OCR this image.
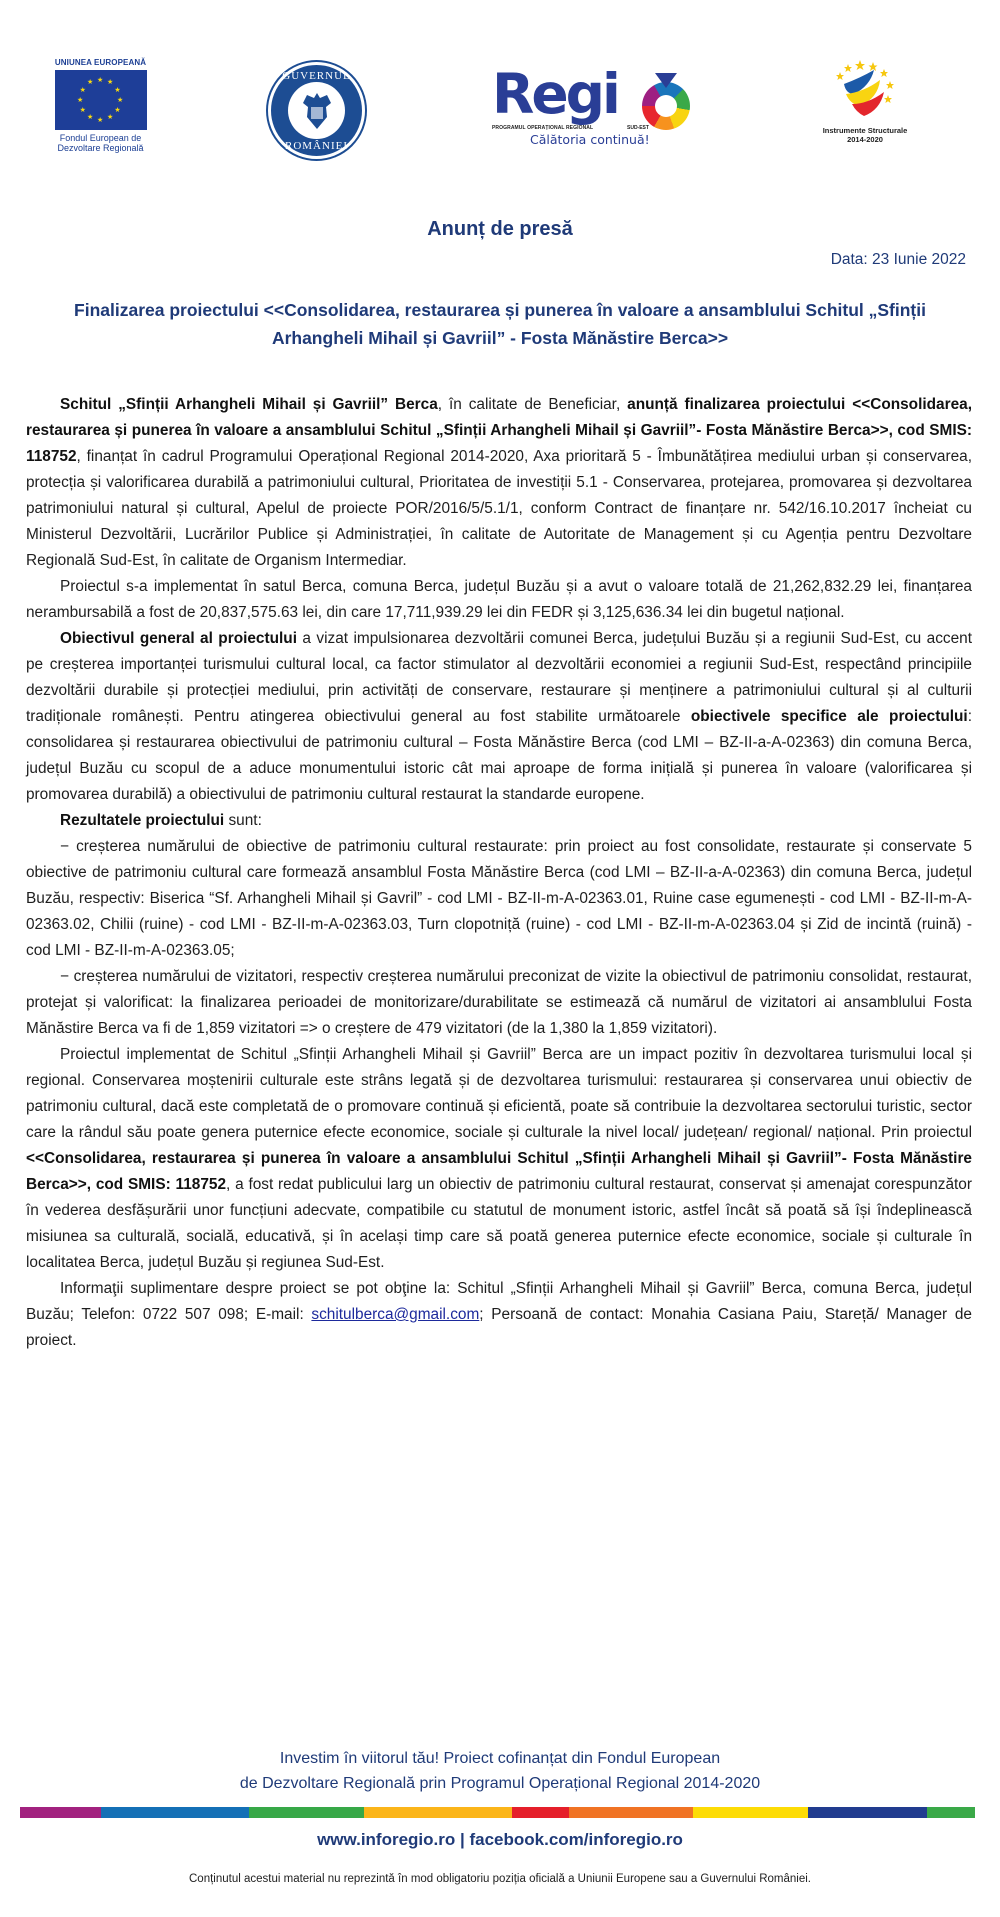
UNIUNEA EUROPEANĂ
★
★
★
★
★
★
★
★
★ ★ ★
★
Fondul European de
Dezvoltare Regională
GUVERNUL
ROMÂNIEI
Regi
PROGRAMUL OPERAȚIONAL REGIONAL	SUD-EST
Călătoria continuă!
Instrumente Structurale
2014-2020
Anunț de presă
Data: 23 Iunie 2022
Finalizarea proiectului <<Consolidarea, restaurarea și punerea în valoare a ansamblului Schitul „Sfinții Arhangheli Mihail și Gavriil” - Fosta Mănăstire Berca>>

Schitul „Sfinții Arhangheli Mihail și Gavriil” Berca, în calitate de Beneficiar, anunță finalizarea proiectului <<Consolidarea, restaurarea și punerea în valoare a ansamblului Schitul „Sfinții Arhangheli Mihail și Gavriil”- Fosta Mănăstire Berca>>, cod SMIS: 118752, finanțat în cadrul Programului Operațional Regional 2014-2020, Axa prioritară 5 - Îmbunătățirea mediului urban și conservarea, protecția și valorificarea durabilă a patrimoniului cultural, Prioritatea de investiții 5.1 - Conservarea, protejarea, promovarea și dezvoltarea patrimoniului natural și cultural, Apelul de proiecte POR/2016/5/5.1/1, conform Contract de finanțare nr. 542/16.10.2017 încheiat cu Ministerul Dezvoltării, Lucrărilor Publice și Administrației, în calitate de Autoritate de Management și cu Agenția pentru Dezvoltare Regională Sud-Est, în calitate de Organism Intermediar.

Proiectul s-a implementat în satul Berca, comuna Berca, județul Buzău și a avut o valoare totală de 21,262,832.29 lei, finanțarea nerambursabilă a fost de 20,837,575.63 lei, din care 17,711,939.29 lei din FEDR și 3,125,636.34 lei din bugetul național.

Obiectivul general al proiectului a vizat impulsionarea dezvoltării comunei Berca, județului Buzău și a regiunii Sud-Est, cu accent pe creșterea importanței turismului cultural local, ca factor stimulator al dezvoltării economiei a regiunii Sud-Est, respectând principiile dezvoltării durabile și protecției mediului, prin activități de conservare, restaurare și menținere a patrimoniului cultural și al culturii tradiționale românești. Pentru atingerea obiectivului general au fost stabilite următoarele obiectivele specifice ale proiectului: consolidarea și restaurarea obiectivului de patrimoniu cultural – Fosta Mănăstire Berca (cod LMI – BZ-II-a-A-02363) din comuna Berca, județul Buzău cu scopul de a aduce monumentului istoric cât mai aproape de forma inițială și punerea în valoare (valorificarea și promovarea durabilă) a obiectivului de patrimoniu cultural restaurat la standarde europene.

Rezultatele proiectului sunt:

− creșterea numărului de obiective de patrimoniu cultural restaurate: prin proiect au fost consolidate, restaurate și conservate 5 obiective de patrimoniu cultural care formează ansamblul Fosta Mănăstire Berca (cod LMI – BZ-II-a-A-02363) din comuna Berca, județul Buzău, respectiv: Biserica “Sf. Arhangheli Mihail și Gavril” - cod LMI - BZ-II-m-A-02363.01, Ruine case egumenești - cod LMI - BZ-II-m-A-02363.02, Chilii (ruine) - cod LMI - BZ-II-m-A-02363.03, Turn clopotniță (ruine) - cod LMI - BZ-II-m-A-02363.04 și Zid de incintă (ruină) - cod LMI - BZ-II-m-A-02363.05;

− creșterea numărului de vizitatori, respectiv creșterea numărului preconizat de vizite la obiectivul de patrimoniu consolidat, restaurat, protejat și valorificat: la finalizarea perioadei de monitorizare/durabilitate se estimează că numărul de vizitatori ai ansamblului Fosta Mănăstire Berca va fi de 1,859 vizitatori => o creștere de 479 vizitatori (de la 1,380 la 1,859 vizitatori).

Proiectul implementat de Schitul „Sfinții Arhangheli Mihail și Gavriil” Berca are un impact pozitiv în dezvoltarea turismului local și regional. Conservarea moștenirii culturale este strâns legată și de dezvoltarea turismului: restaurarea și conservarea unui obiectiv de patrimoniu cultural, dacă este completată de o promovare continuă și eficientă, poate să contribuie la dezvoltarea sectorului turistic, sector care la rândul său poate genera puternice efecte economice, sociale și culturale la nivel local/ județean/ regional/ național. Prin proiectul <<Consolidarea, restaurarea și punerea în valoare a ansamblului Schitul „Sfinții Arhangheli Mihail și Gavriil”- Fosta Mănăstire Berca>>, cod SMIS: 118752, a fost redat publicului larg un obiectiv de patrimoniu cultural restaurat, conservat și amenajat corespunzător în vederea desfășurării unor funcțiuni adecvate, compatibile cu statutul de monument istoric, astfel încât să poată să își îndeplinească misiunea sa culturală, socială, educativă, și în același timp care să poată generea puternice efecte economice, sociale și culturale în localitatea Berca, județul Buzău și regiunea Sud-Est.

Informaţii suplimentare despre proiect se pot obţine la: Schitul „Sfinții Arhangheli Mihail și Gavriil” Berca, comuna Berca, județul Buzău; Telefon: 0722 507 098; E-mail: schitulberca@gmail.com; Persoană de contact: Monahia Casiana Paiu, Stareță/ Manager de proiect.

Investim în viitorul tău! Proiect cofinanțat din Fondul European
de Dezvoltare Regională prin Programul Operațional Regional 2014-2020
www.inforegio.ro | facebook.com/inforegio.ro
Conținutul acestui material nu reprezintă în mod obligatoriu poziția oficială a Uniunii Europene sau a Guvernului României.
